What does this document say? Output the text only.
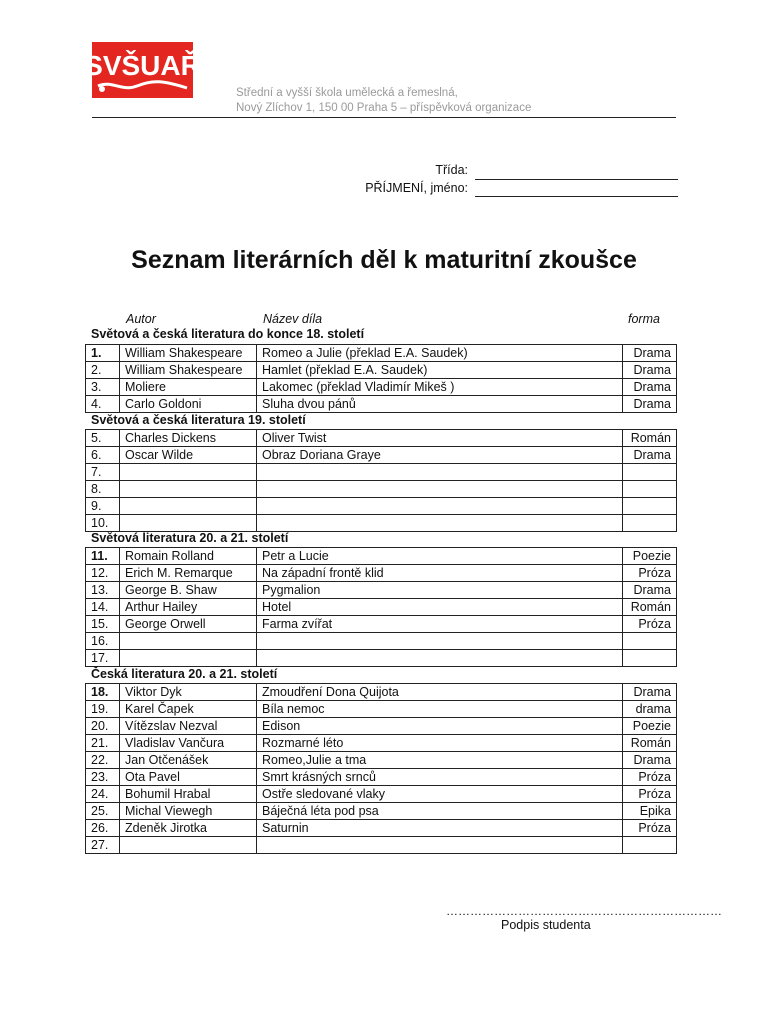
SVŠUAŘ
Střední a vyšší škola umělecká a řemeslná,
Nový Zlíchov 1, 150 00 Praha 5 – příspěvková organizace
Třída:
PŘÍJMENÍ, jméno:
Seznam literárních děl k maturitní zkoušce
Autor	Název díla	forma
Světová a česká literatura do konce 18. století
1.	William Shakespeare	Romeo a Julie (překlad E.A. Saudek)	Drama
2.	William Shakespeare	Hamlet (překlad E.A. Saudek)	Drama
3.	Moliere	Lakomec (překlad Vladimír Mikeš )	Drama
4.	Carlo Goldoni	Sluha dvou pánů	Drama
Světová a česká literatura 19. století
5.	Charles Dickens	Oliver Twist	Román
6.	Oscar Wilde	Obraz Doriana Graye	Drama
7.			
8.			
9.			
10.			
Světová literatura 20. a 21. století
11.	Romain Rolland	Petr a Lucie	Poezie
12.	Erich M. Remarque	Na západní frontě klid	Próza
13.	George B. Shaw	Pygmalion	Drama
14.	Arthur Hailey	Hotel	Román
15.	George Orwell	Farma zvířat	Próza
16.			
17.			
Česká literatura 20. a 21. století
18.	Viktor Dyk	Zmoudření Dona Quijota	Drama
19.	Karel Čapek	Bíla nemoc	drama
20.	Vítězslav Nezval	Edison	Poezie
21.	Vladislav Vančura	Rozmarné léto	Román
22.	Jan Otčenášek	Romeo,Julie a tma	Drama
23.	Ota Pavel	Smrt krásných srnců	Próza
24.	Bohumil Hrabal	Ostře sledované vlaky	Próza
25.	Michal Viewegh	Báječná léta pod psa	Epika
26.	Zdeněk Jirotka	Saturnin	Próza
27.			
……………………………………………………………
Podpis studenta
